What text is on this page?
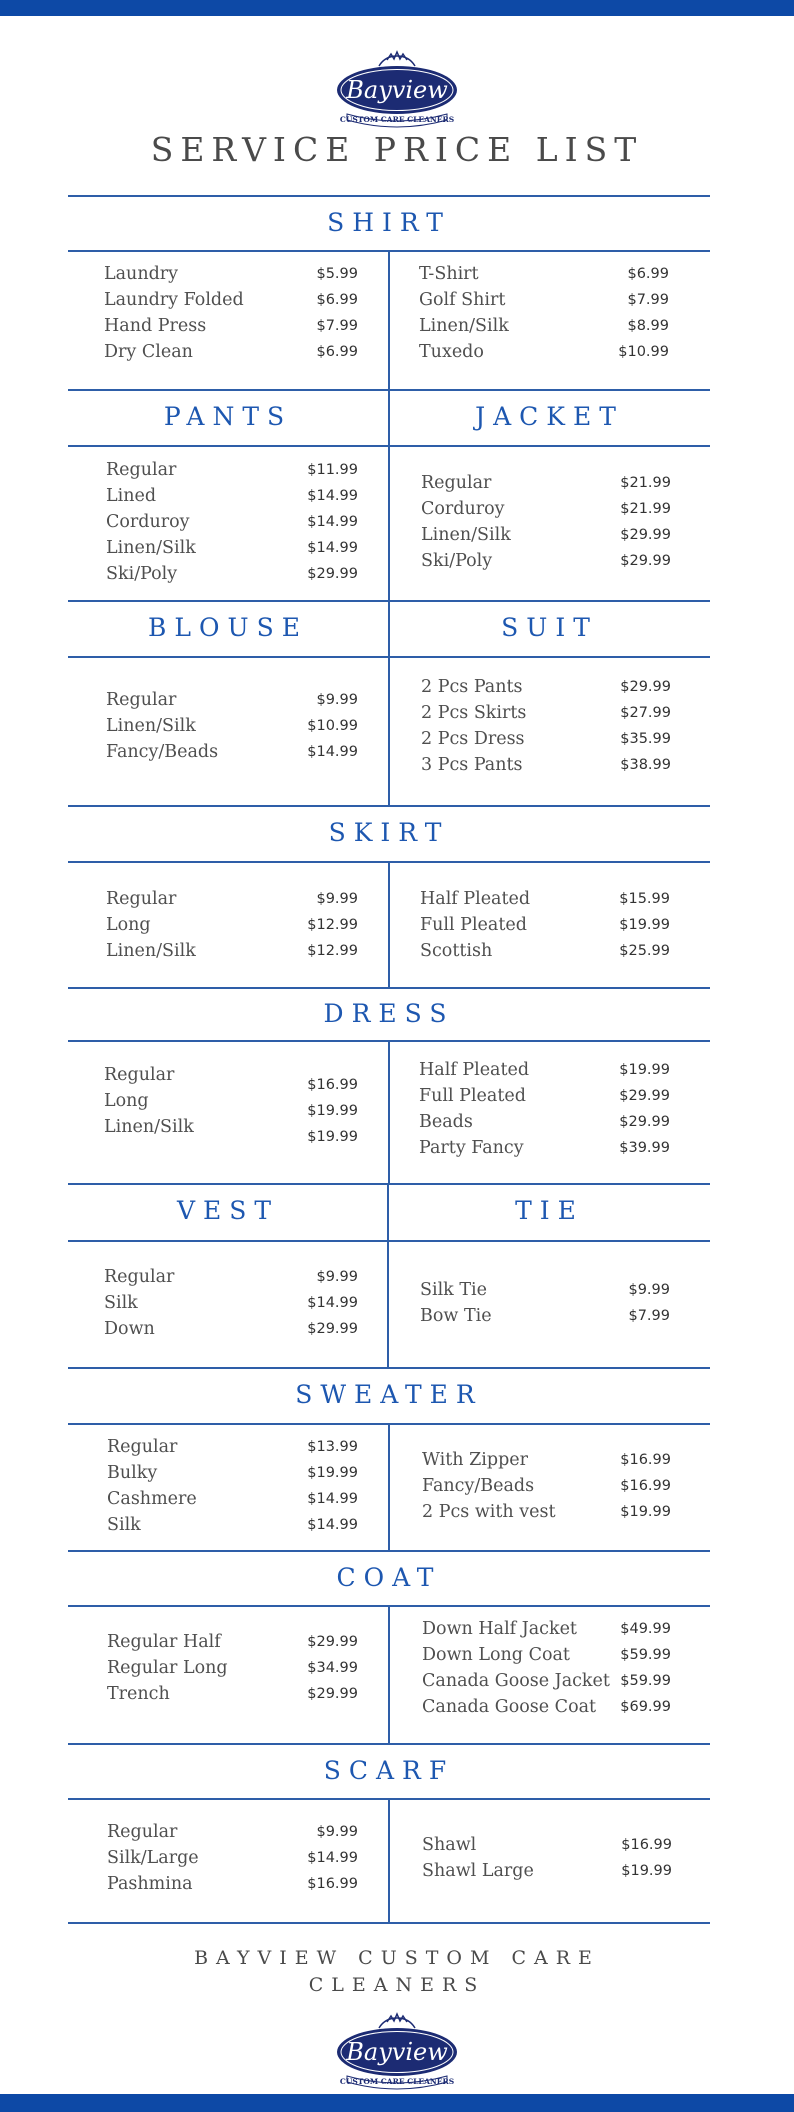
Bayview
CUSTOM CARE CLEANERS
SERVICE PRICE LIST
SHIRT
Laundry	$5.99
Laundry Folded	$6.99
Hand Press	$7.99
Dry Clean	$6.99
T-Shirt	$6.99
Golf Shirt	$7.99
Linen/Silk	$8.99
Tuxedo	$10.99
PANTS	JACKET
Regular	$11.99
Lined	$14.99
Corduroy	$14.99
Linen/Silk	$14.99
Ski/Poly	$29.99
Regular	$21.99
Corduroy	$21.99
Linen/Silk	$29.99
Ski/Poly	$29.99
BLOUSE	SUIT
Regular	$9.99
Linen/Silk	$10.99
Fancy/Beads	$14.99
2 Pcs Pants	$29.99
2 Pcs Skirts	$27.99
2 Pcs Dress	$35.99
3 Pcs Pants	$38.99
SKIRT
Regular	$9.99
Long	$12.99
Linen/Silk	$12.99
Half Pleated	$15.99
Full Pleated	$19.99
Scottish	$25.99
DRESS
Regular	$16.99
Long	$19.99
Linen/Silk	$19.99
Half Pleated	$19.99
Full Pleated	$29.99
Beads	$29.99
Party Fancy	$39.99
VEST	TIE
Regular	$9.99
Silk	$14.99
Down	$29.99
Silk Tie	$9.99
Bow Tie	$7.99
SWEATER
Regular	$13.99
Bulky	$19.99
Cashmere	$14.99
Silk	$14.99
With Zipper	$16.99
Fancy/Beads	$16.99
2 Pcs with vest	$19.99
COAT
Regular Half	$29.99
Regular Long	$34.99
Trench	$29.99
Down Half Jacket	$49.99
Down Long Coat	$59.99
Canada Goose Jacket $59.99
Canada Goose Coat $69.99
SCARF
Regular	$9.99
Silk/Large	$14.99
Pashmina	$16.99
Shawl	$16.99
Shawl Large	$19.99
BAYVIEW CUSTOM CARE
CLEANERS
Bayview
CUSTOM CARE CLEANERS
